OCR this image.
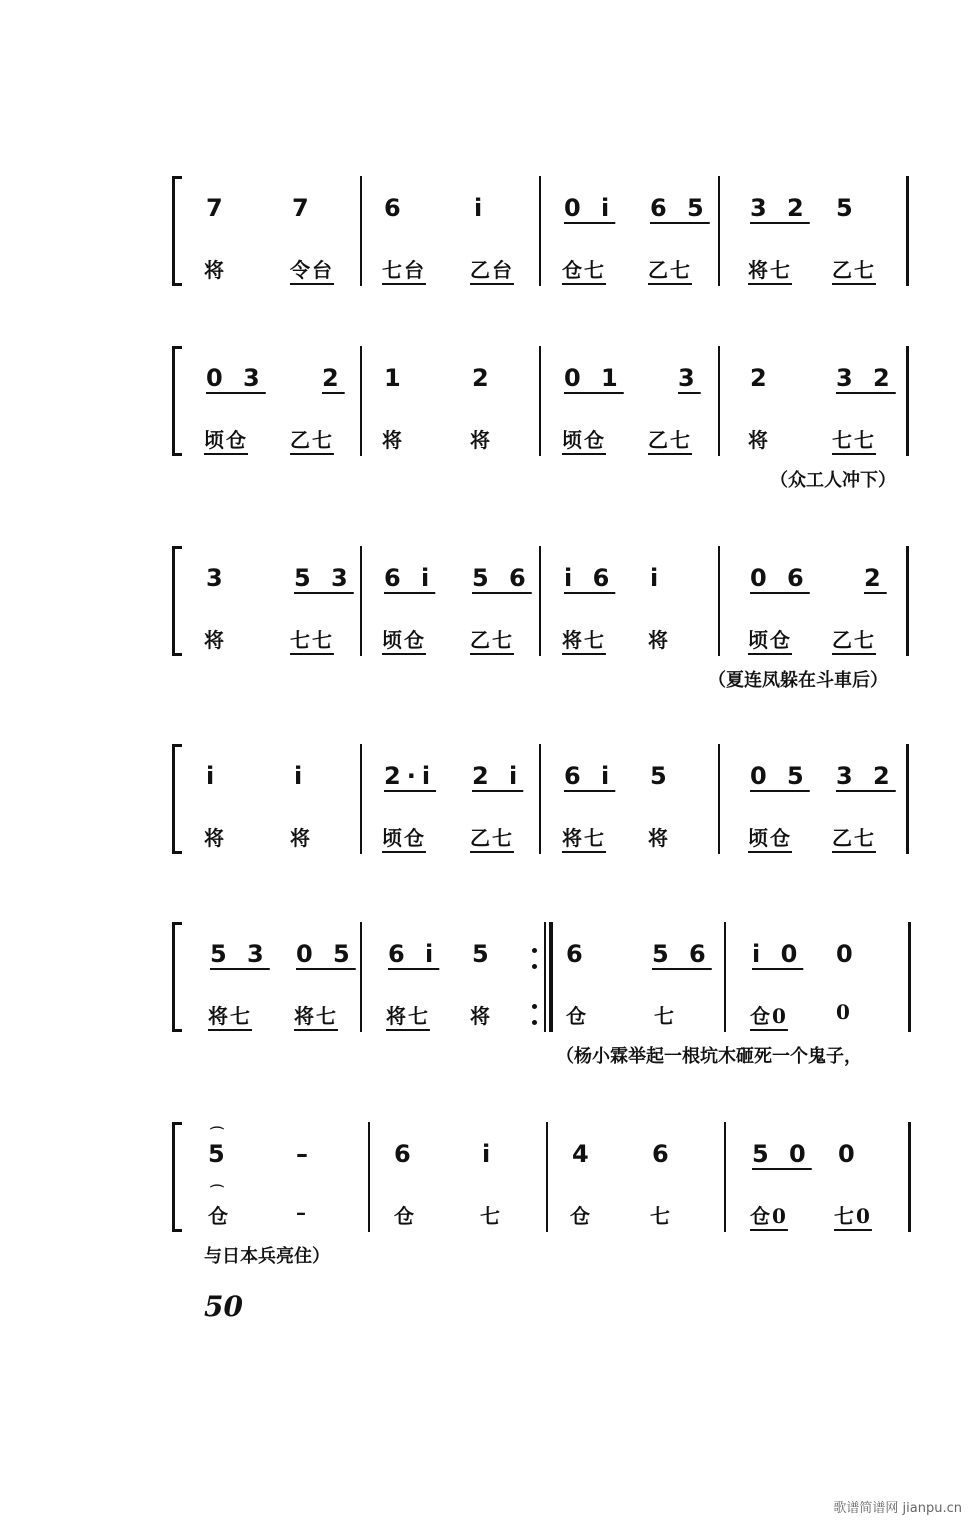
7	7	6	i	0 i 6 5 3 2 5
将	令台 七台 乙台 仓七 乙七	将七 乙七
0 3 2 1	2	0 1 3 2	3 2
顷仓 乙七 将	将	顷仓 乙七	将	七七
（众工人冲下）
3	5 3 6 i 5 6 i 6 i	0 6 2
将	七七 顷仓 乙七 将七 将	顷仓 乙七
（夏连凤躲在斗車后）
i	i	2·i 2 i 6 i 5	0 5 3 2
将	将	顷仓 乙七 将七 将	顷仓 乙七
5 3 0 5 6 i 5	6	5 6 i 0 0
将七 将七 将七 将	仓	七	仓0 0
（杨小霖举起一根坑木砸死一个鬼子，
⌒
⌒
5	–	6	i	4 6	5 0 0
仓	–	仓	七	仓	七	仓0 七0
与日本兵亮住）
50
歌谱简谱网 jianpu.cn
